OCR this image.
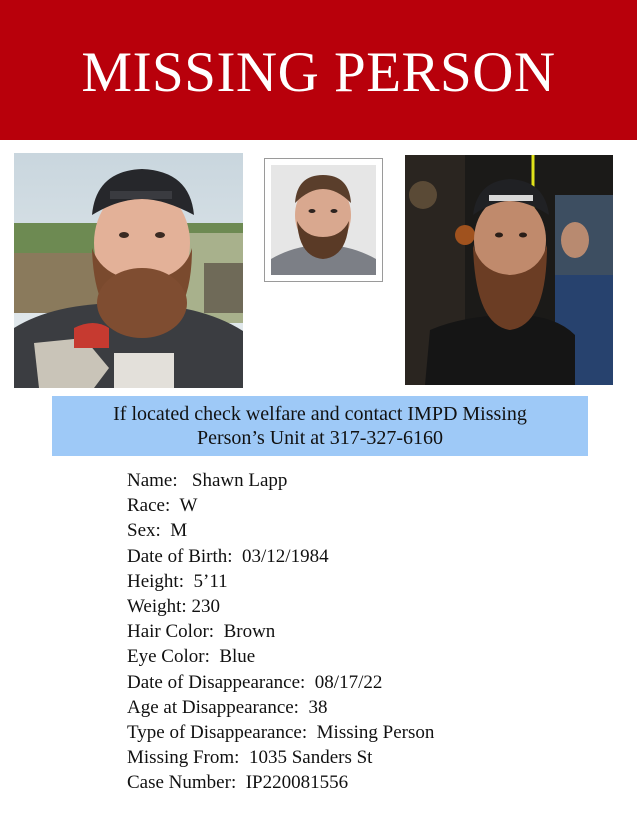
MISSING PERSON
If located check welfare and contact IMPD Missing
Person’s Unit at 317-327-6160
Name: Shawn Lapp
Race: W
Sex: M
Date of Birth: 03/12/1984
Height: 5’11
Weight: 230
Hair Color: Brown
Eye Color: Blue
Date of Disappearance: 08/17/22
Age at Disappearance: 38
Type of Disappearance: Missing Person
Missing From: 1035 Sanders St
Case Number: IP220081556
